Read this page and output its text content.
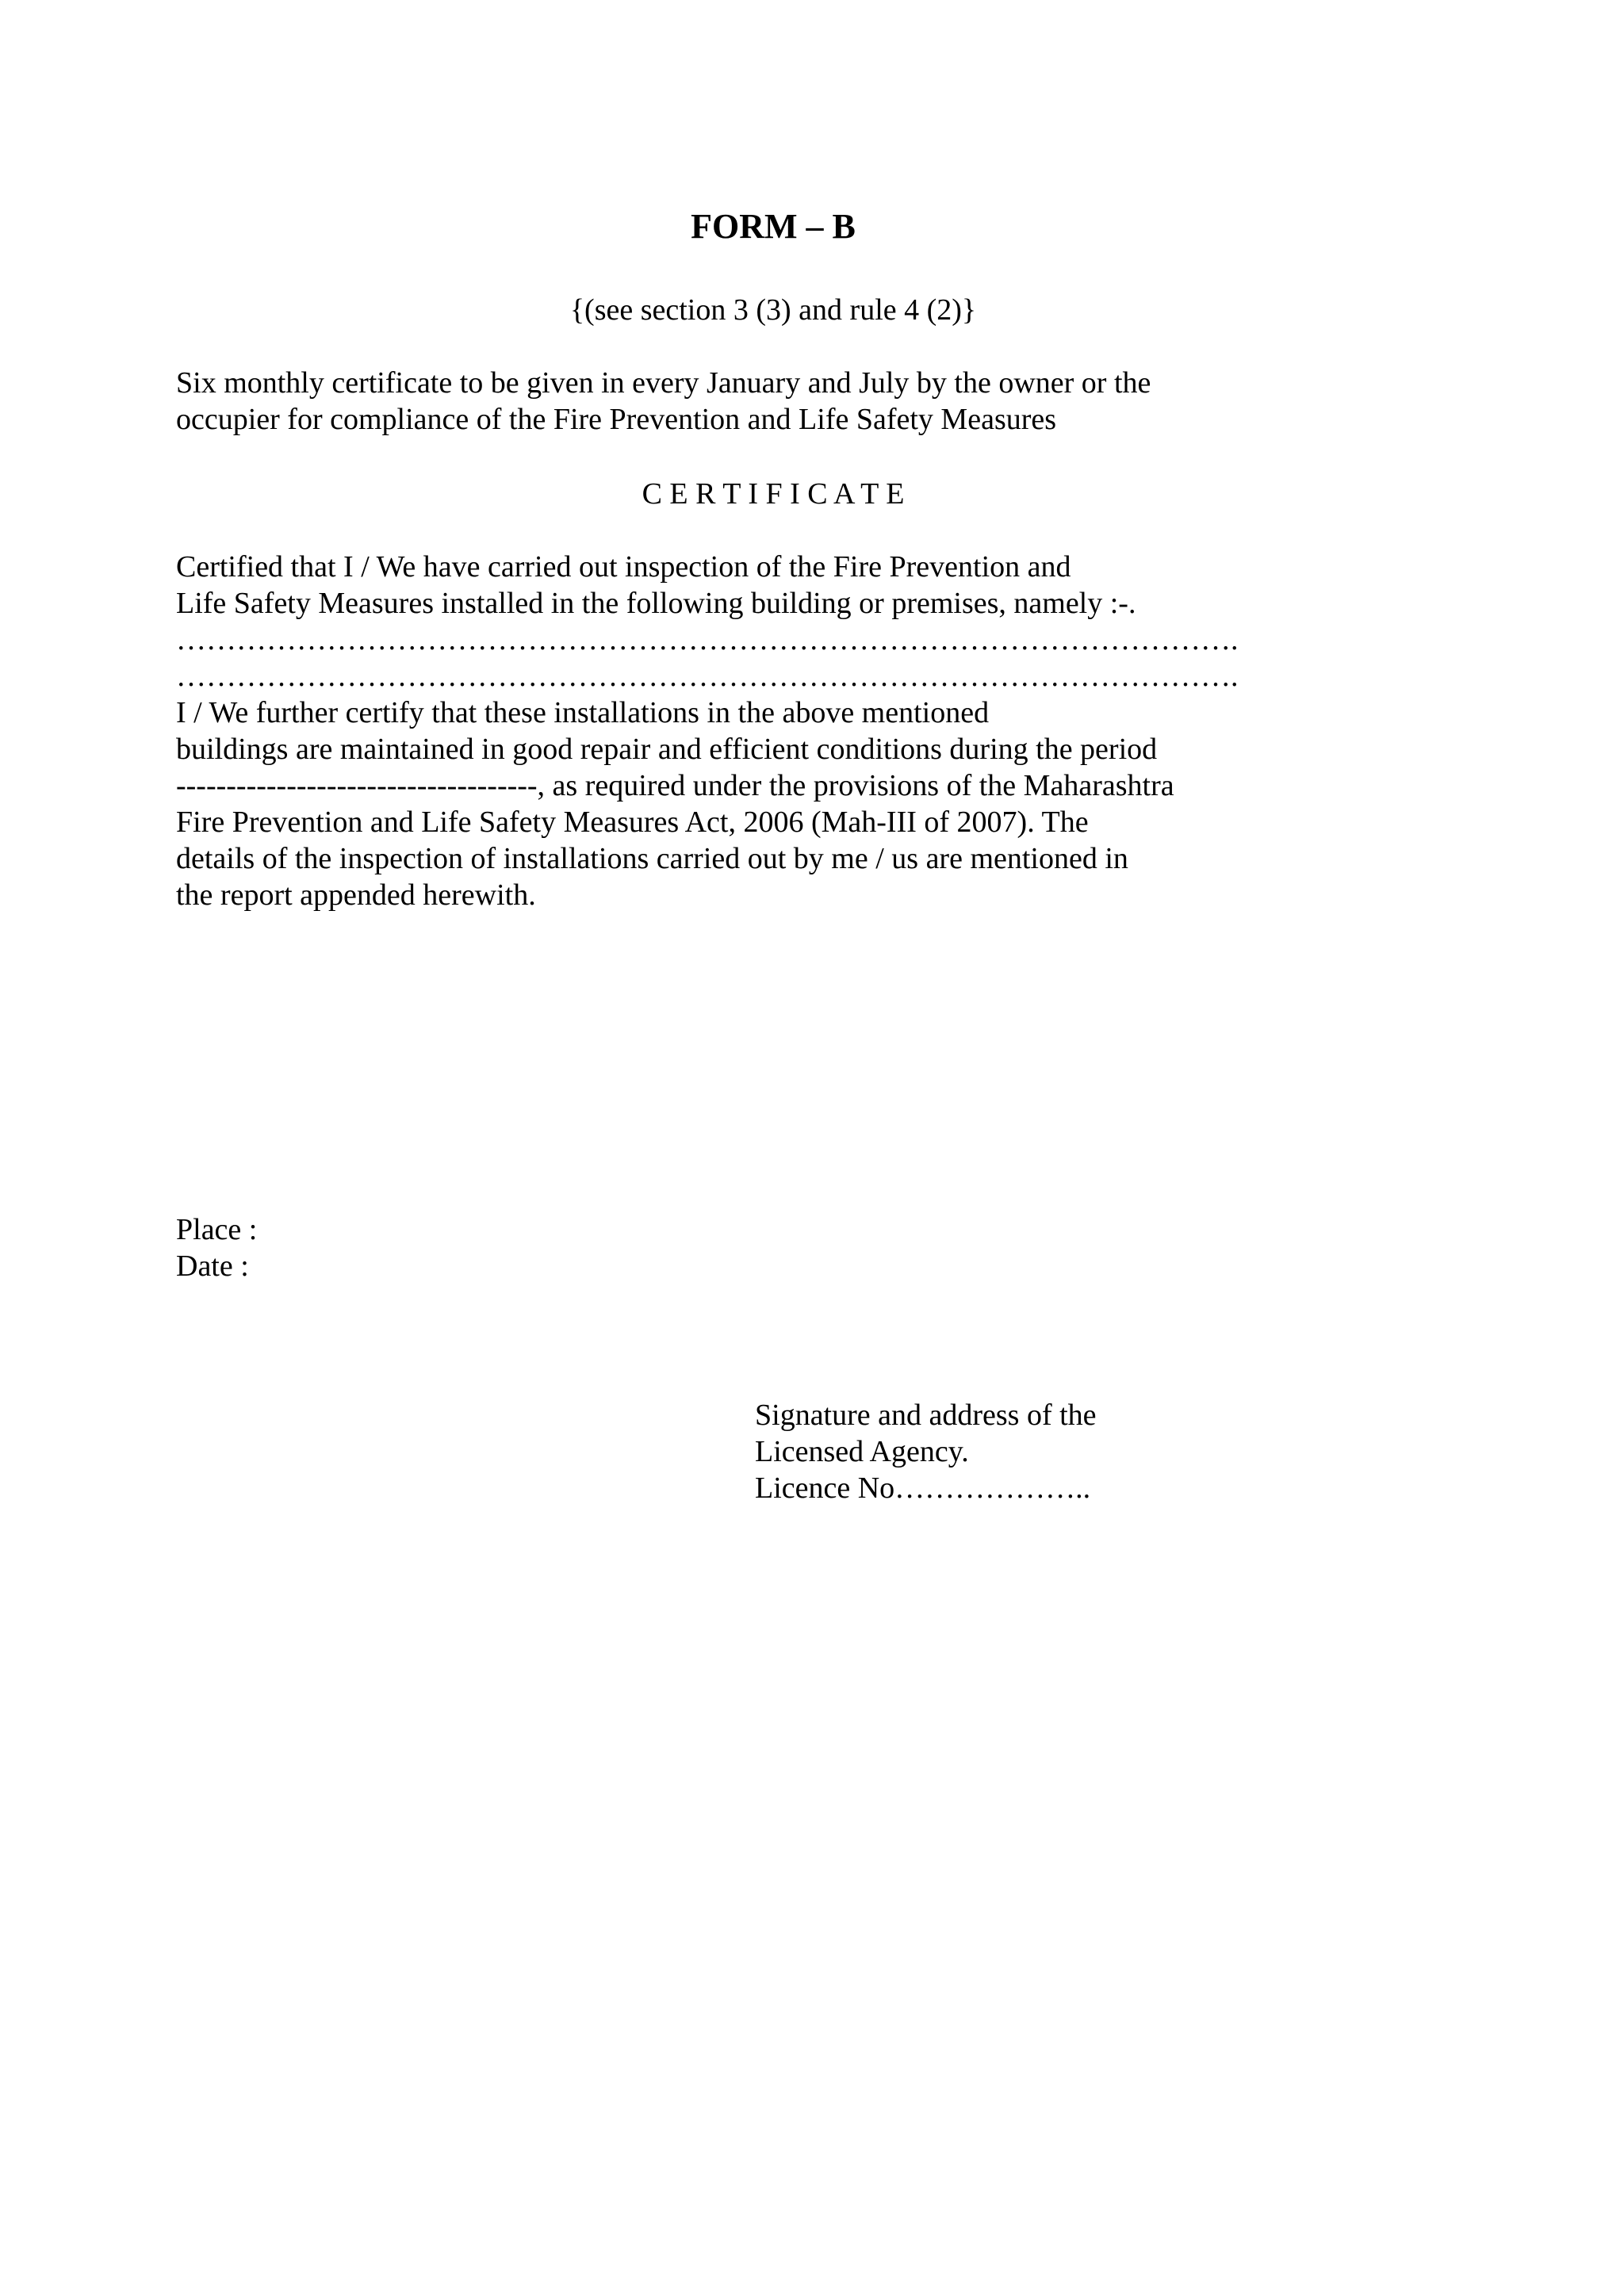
FORM – B
{(see section 3 (3) and rule 4 (2)}
Six monthly certificate to be given in every January and July by the owner or the
occupier for compliance of the Fire Prevention and Life Safety Measures
C E R T I F I C A T E
Certified that I / We have carried out inspection of the Fire Prevention and
Life Safety Measures installed in the following building or premises, namely :-.
…………………………………………………………………………………………….
…………………………………………………………………………………………….
I / We further certify that these installations in the above mentioned
buildings are maintained in good repair and efficient conditions during the period
------------------------------------, as required under the provisions of the Maharashtra
Fire Prevention and Life Safety Measures Act, 2006 (Mah-III of 2007). The
details of the inspection of installations carried out by me / us are mentioned in
the report appended herewith.
Place :
Date :
Signature and address of the
Licensed Agency.
Licence No………………..
